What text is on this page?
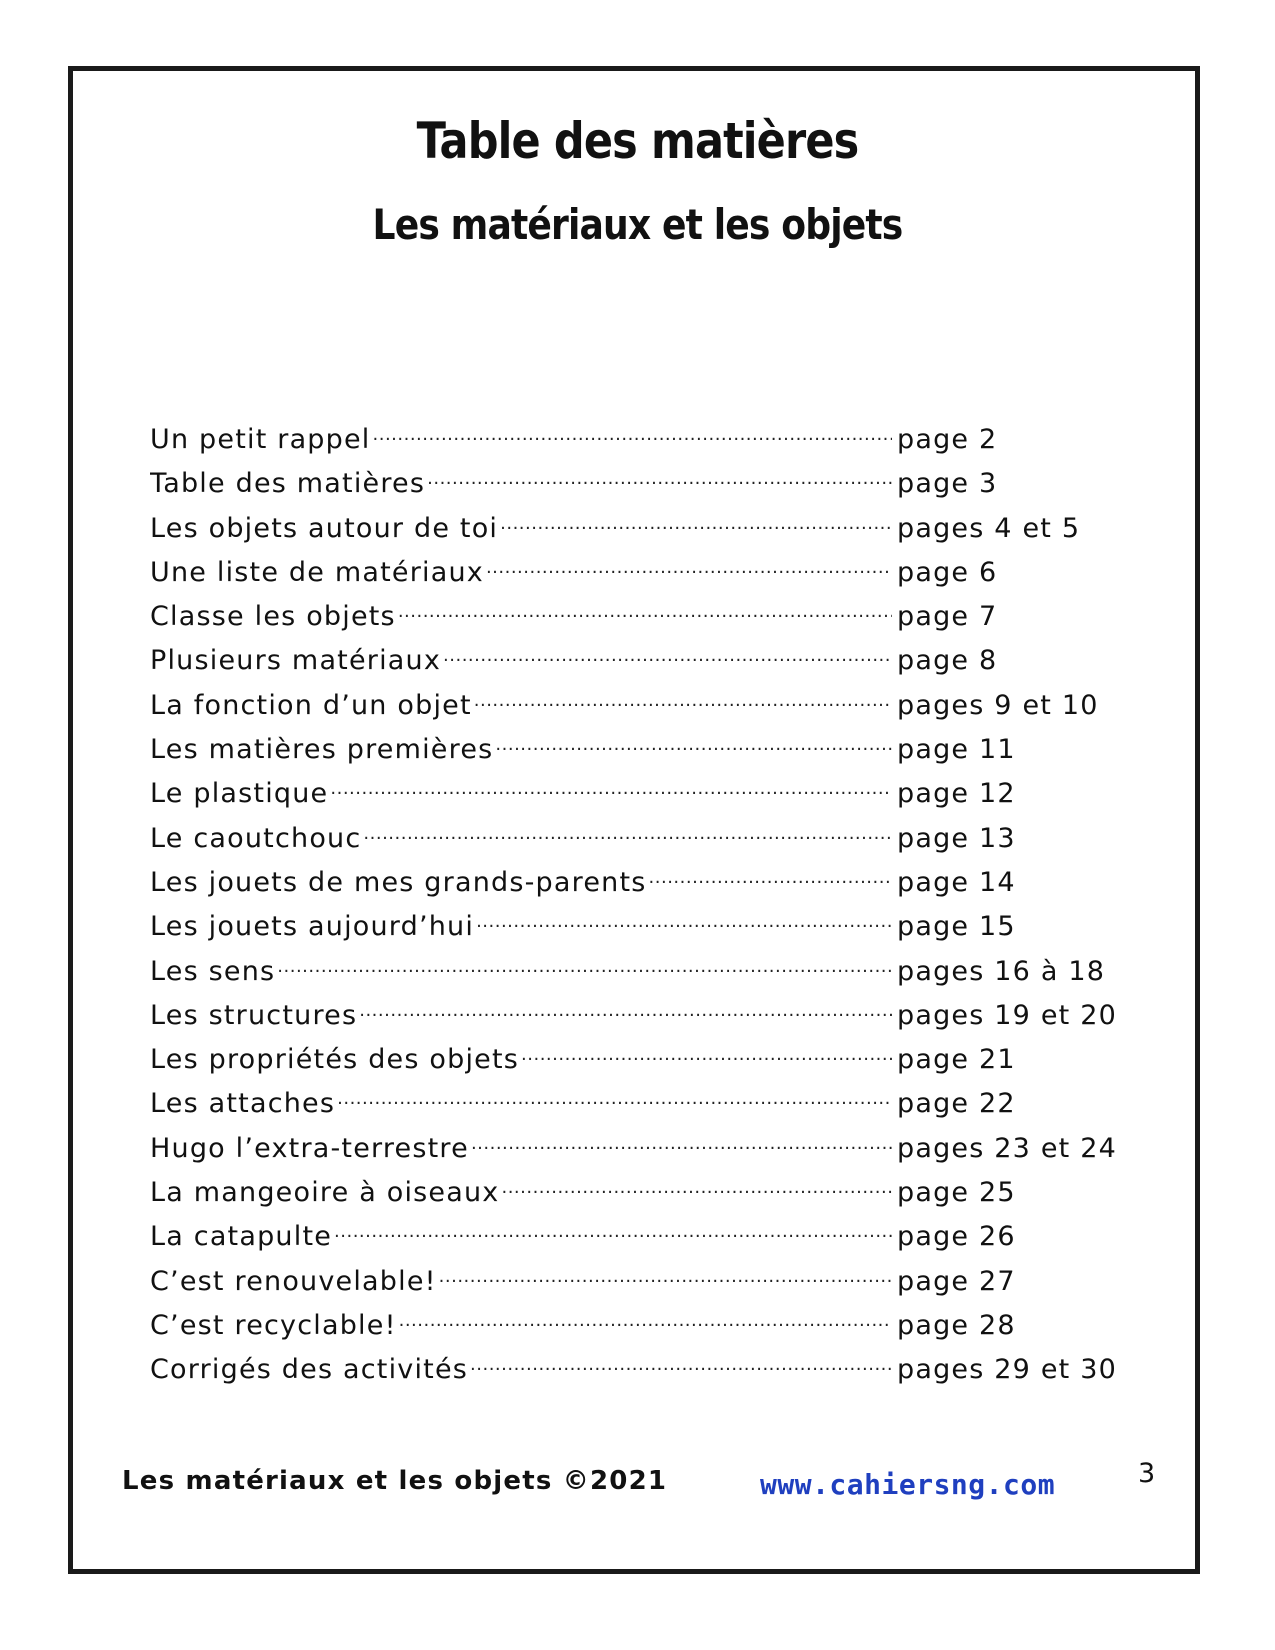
Table des matières
Les matériaux et les objets
Un petit rappel .....	page 2
Table des matières .....	page 3
Les objets autour de toi .....	pages 4 et 5
Une liste de matériaux .....	page 6
Classe les objets .....	page 7
Plusieurs matériaux .....	page 8
La fonction d’un objet .....	pages 9 et 10
Les matières premières .....	page 11
Le plastique .....	page 12
Le caoutchouc .....	page 13
Les jouets de mes grands-parents .....	page 14
Les jouets aujourd’hui .....	page 15
Les sens .....	pages 16 à 18
Les structures .....	pages 19 et 20
Les propriétés des objets .....	page 21
Les attaches .....	page 22
Hugo l’extra-terrestre .....	pages 23 et 24
La mangeoire à oiseaux .....	page 25
La catapulte .....	page 26
C’est renouvelable! .....	page 27
C’est recyclable! .....	page 28
Corrigés des activités .....	pages 29 et 30
Les matériaux et les objets ©2021	www.cahiersng.com	3
